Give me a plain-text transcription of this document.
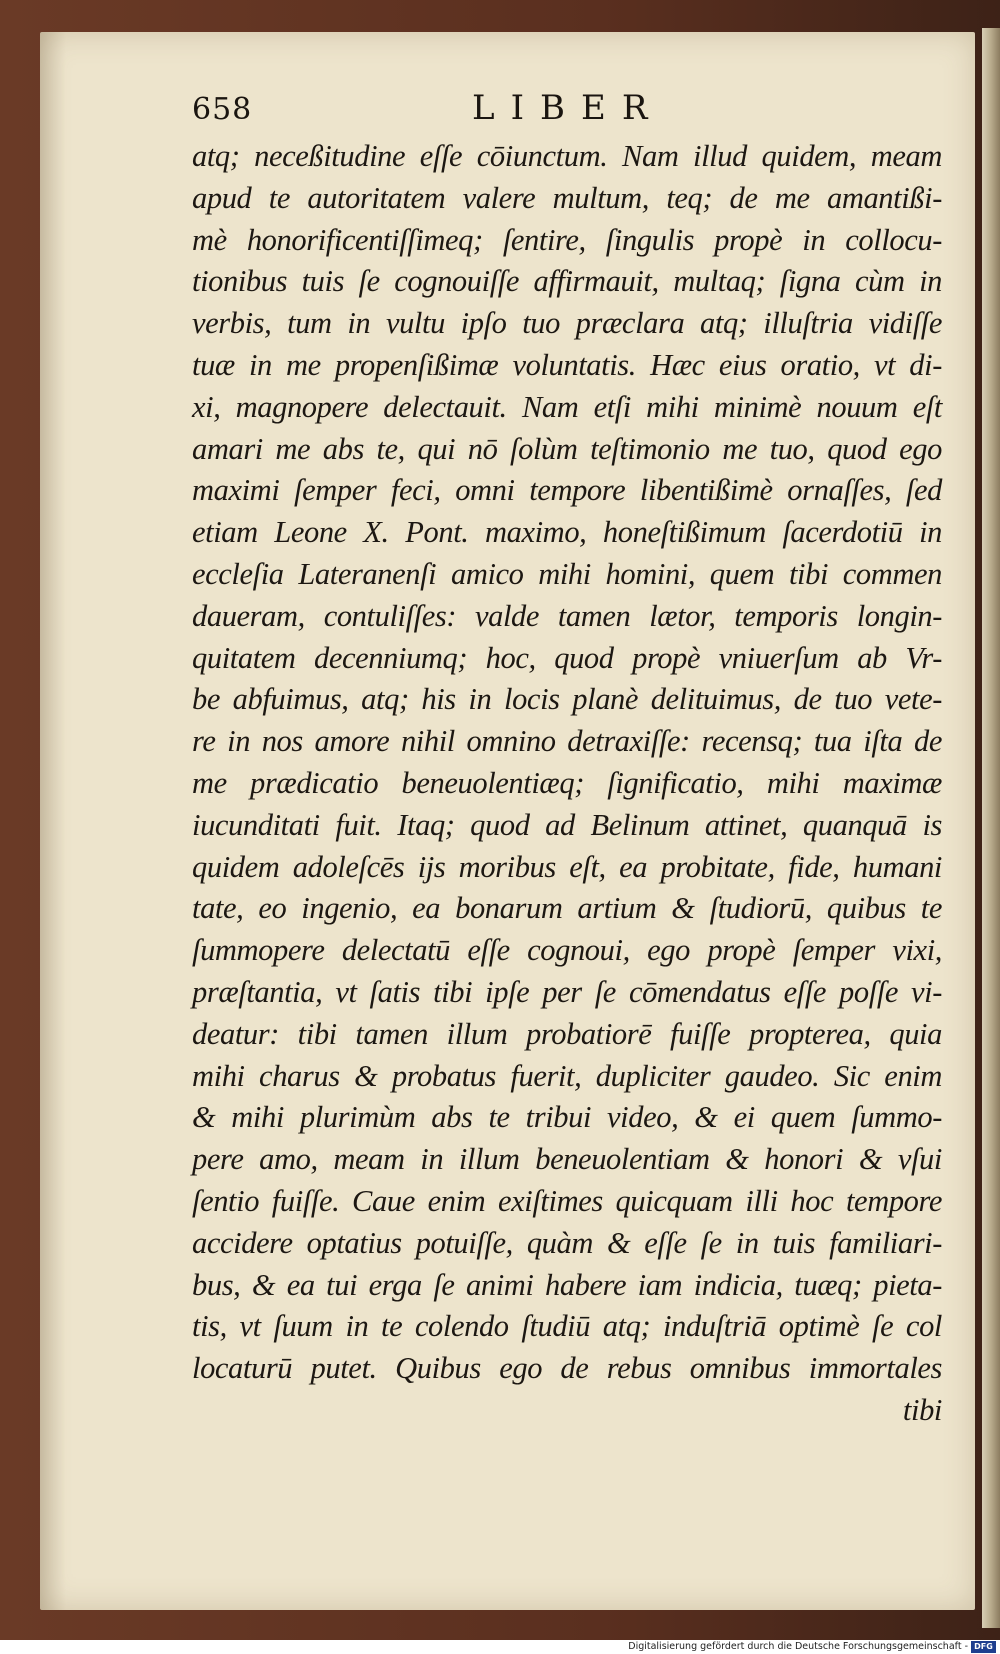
658	LIBER
atq; neceßitudine eſſe cōiunctum. Nam illud quidem, meam
apud te autoritatem valere multum, teq; de me amantißi-
mè honorificentiſſimeq; ſentire, ſingulis propè in collocu-
tionibus tuis ſe cognouiſſe affirmauit, multaq; ſigna cùm in
verbis, tum in vultu ipſo tuo præclara atq; illuſtria vidiſſe
tuæ in me propenſißimæ voluntatis. Hæc eius oratio, vt di-
xi, magnopere delectauit. Nam etſi mihi minimè nouum eſt
amari me abs te, qui nō ſolùm teſtimonio me tuo, quod ego
maximi ſemper feci, omni tempore libentißimè ornaſſes, ſed
etiam Leone X. Pont. maximo, honeſtißimum ſacerdotiū in
eccleſia Lateranenſi amico mihi homini, quem tibi commen
daueram, contuliſſes: valde tamen lætor, temporis longin-
quitatem decenniumq; hoc, quod propè vniuerſum ab Vr-
be abfuimus, atq; his in locis planè delituimus, de tuo vete-
re in nos amore nihil omnino detraxiſſe: recensq; tua iſta de
me prædicatio beneuolentiæq; ſignificatio, mihi maximæ
iucunditati fuit. Itaq; quod ad Belinum attinet, quanquā is
quidem adoleſcēs ijs moribus eſt, ea probitate, fide, humani
tate, eo ingenio, ea bonarum artium & ſtudiorū, quibus te
ſummopere delectatū eſſe cognoui, ego propè ſemper vixi,
præſtantia, vt ſatis tibi ipſe per ſe cōmendatus eſſe poſſe vi-
deatur: tibi tamen illum probatiorē fuiſſe propterea, quia
mihi charus & probatus fuerit, dupliciter gaudeo. Sic enim
& mihi plurimùm abs te tribui video, & ei quem ſummo-
pere amo, meam in illum beneuolentiam & honori & vſui
ſentio fuiſſe. Caue enim exiſtimes quicquam illi hoc tempore
accidere optatius potuiſſe, quàm & eſſe ſe in tuis familiari-
bus, & ea tui erga ſe animi habere iam indicia, tuæq; pieta-
tis, vt ſuum in te colendo ſtudiū atq; induſtriā optimè ſe col
locaturū putet. Quibus ego de rebus omnibus immortales
tibi
Digitalisierung gefördert durch die Deutsche Forschungsgemeinschaft - DFG
